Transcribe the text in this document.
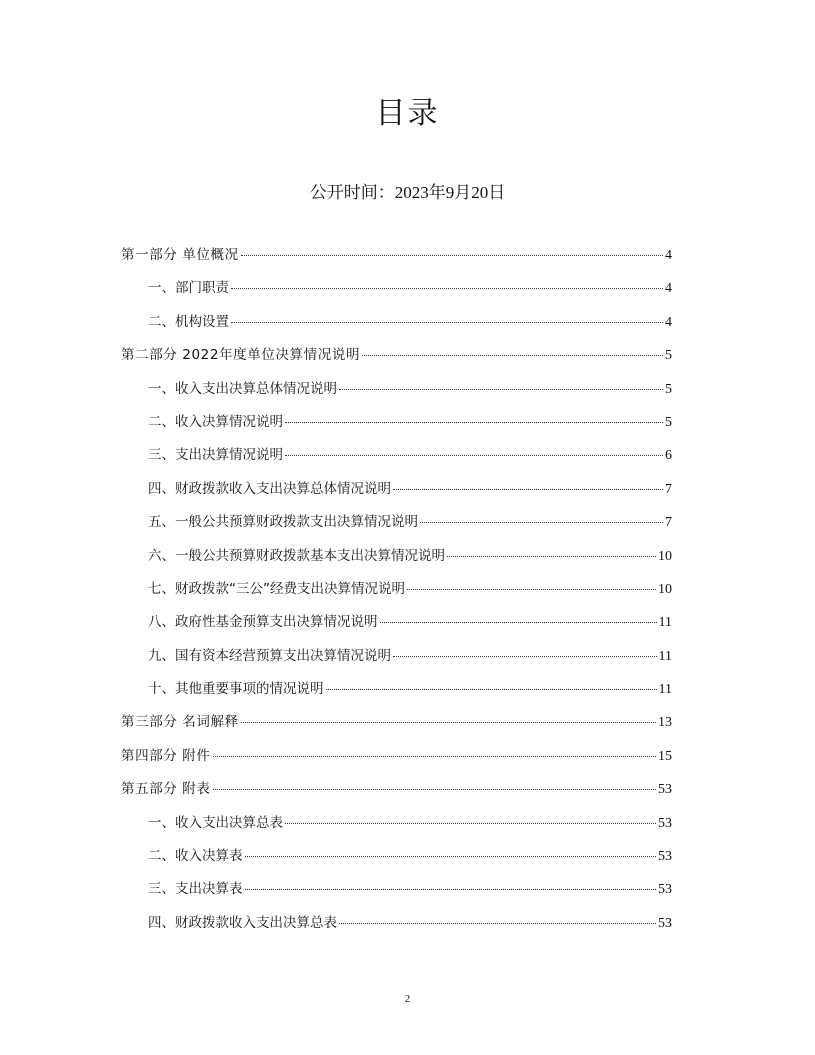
目录
公开时间：2023年9月20日
第一部分 单位概况	4
一、部门职责	4
二、机构设置	4
第二部分 2022年度单位决算情况说明	5
一、收入支出决算总体情况说明	5
二、收入决算情况说明	5
三、支出决算情况说明	6
四、财政拨款收入支出决算总体情况说明	7
五、一般公共预算财政拨款支出决算情况说明	7
六、一般公共预算财政拨款基本支出决算情况说明	10
七、财政拨款“三公”经费支出决算情况说明	10
八、政府性基金预算支出决算情况说明	11
九、国有资本经营预算支出决算情况说明	11
十、其他重要事项的情况说明	11
第三部分 名词解释	13
第四部分 附件	15
第五部分 附表	53
一、收入支出决算总表	53
二、收入决算表	53
三、支出决算表	53
四、财政拨款收入支出决算总表	53
2
